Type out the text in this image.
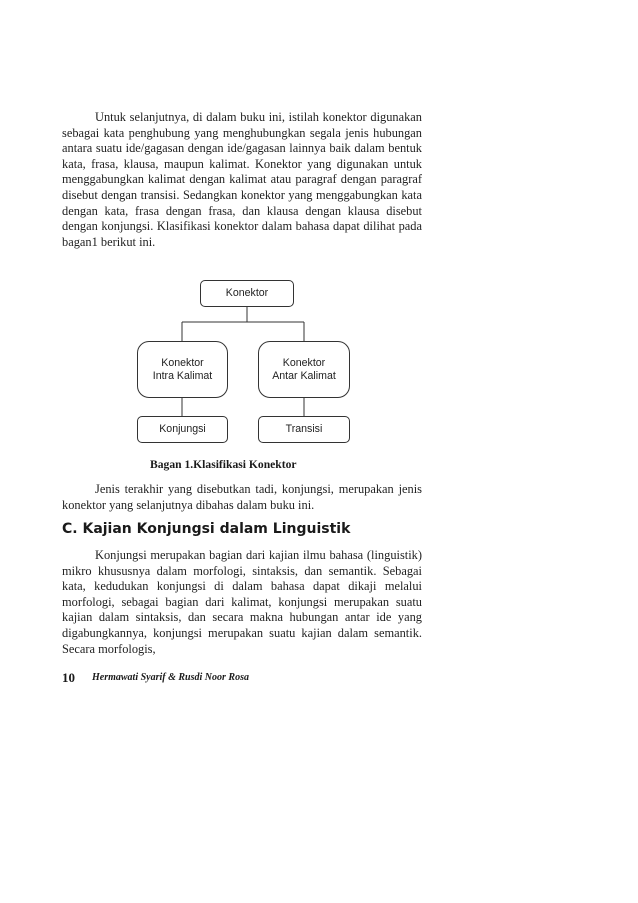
Untuk selanjutnya, di dalam buku ini, istilah konektor digunakan sebagai kata penghubung yang menghubungkan segala jenis hubungan antara suatu ide/gagasan dengan ide/gagasan lainnya baik dalam bentuk kata, frasa, klausa, maupun kalimat. Konektor yang digunakan untuk menggabungkan kalimat dengan kalimat atau paragraf dengan paragraf disebut dengan transisi. Sedangkan konektor yang menggabungkan kata dengan kata, frasa dengan frasa, dan klausa dengan klausa disebut dengan konjungsi. Klasifikasi konektor dalam bahasa dapat dilihat pada bagan1 berikut ini.

Konektor
Konektor
Intra Kalimat
Konektor
Antar Kalimat
Konjungsi	Transisi

Bagan 1.Klasifikasi Konektor

Jenis terakhir yang disebutkan tadi, konjungsi, merupakan jenis konektor yang selanjutnya dibahas dalam buku ini.

C. Kajian Konjungsi dalam Linguistik

Konjungsi merupakan bagian dari kajian ilmu bahasa (linguistik) mikro khususnya dalam morfologi, sintaksis, dan semantik. Sebagai kata, kedudukan konjungsi di dalam bahasa dapat dikaji melalui morfologi, sebagai bagian dari kalimat, konjungsi merupakan suatu kajian dalam sintaksis, dan secara makna hubungan antar ide yang digabungkannya, konjungsi merupakan suatu kajian dalam semantik. Secara morfologis,

10 Hermawati Syarif & Rusdi Noor Rosa
